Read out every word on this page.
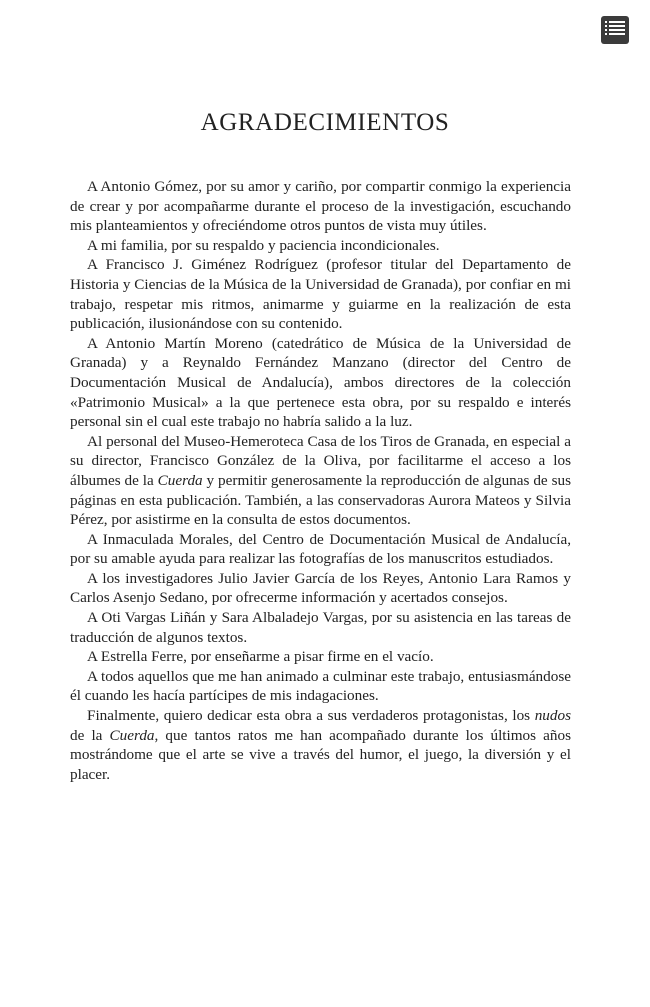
AGRADECIMIENTOS

A Antonio Gómez, por su amor y cariño, por compartir conmigo la experiencia de crear y por acompañarme durante el proceso de la investigación, escuchando mis planteamientos y ofreciéndome otros puntos de vista muy útiles.

A mi familia, por su respaldo y paciencia incondicionales.

A Francisco J. Giménez Rodríguez (profesor titular del Departamento de Historia y Ciencias de la Música de la Universidad de Granada), por confiar en mi trabajo, respetar mis ritmos, animarme y guiarme en la realización de esta publicación, ilusionándose con su contenido.

A Antonio Martín Moreno (catedrático de Música de la Universidad de Granada) y a Reynaldo Fernández Manzano (director del Centro de Documentación Musical de Andalucía), ambos directores de la colección «Patrimonio Musical» a la que pertenece esta obra, por su respaldo e interés personal sin el cual este trabajo no habría salido a la luz.

Al personal del Museo-Hemeroteca Casa de los Tiros de Granada, en especial a su director, Francisco González de la Oliva, por facilitarme el acceso a los álbumes de la Cuerda y permitir generosamente la reproducción de algunas de sus páginas en esta publicación. También, a las conservadoras Aurora Mateos y Silvia Pérez, por asistirme en la consulta de estos documentos.

A Inmaculada Morales, del Centro de Documentación Musical de Andalucía, por su amable ayuda para realizar las fotografías de los manuscritos estudiados.

A los investigadores Julio Javier García de los Reyes, Antonio Lara Ramos y Carlos Asenjo Sedano, por ofrecerme información y acertados consejos.

A Oti Vargas Liñán y Sara Albaladejo Vargas, por su asistencia en las tareas de traducción de algunos textos.

A Estrella Ferre, por enseñarme a pisar firme en el vacío.

A todos aquellos que me han animado a culminar este trabajo, entusiasmándose él cuando les hacía partícipes de mis indagaciones.

Finalmente, quiero dedicar esta obra a sus verdaderos protagonistas, los nudos de la Cuerda, que tantos ratos me han acompañado durante los últimos años mostrándome que el arte se vive a través del humor, el juego, la diversión y el placer.
